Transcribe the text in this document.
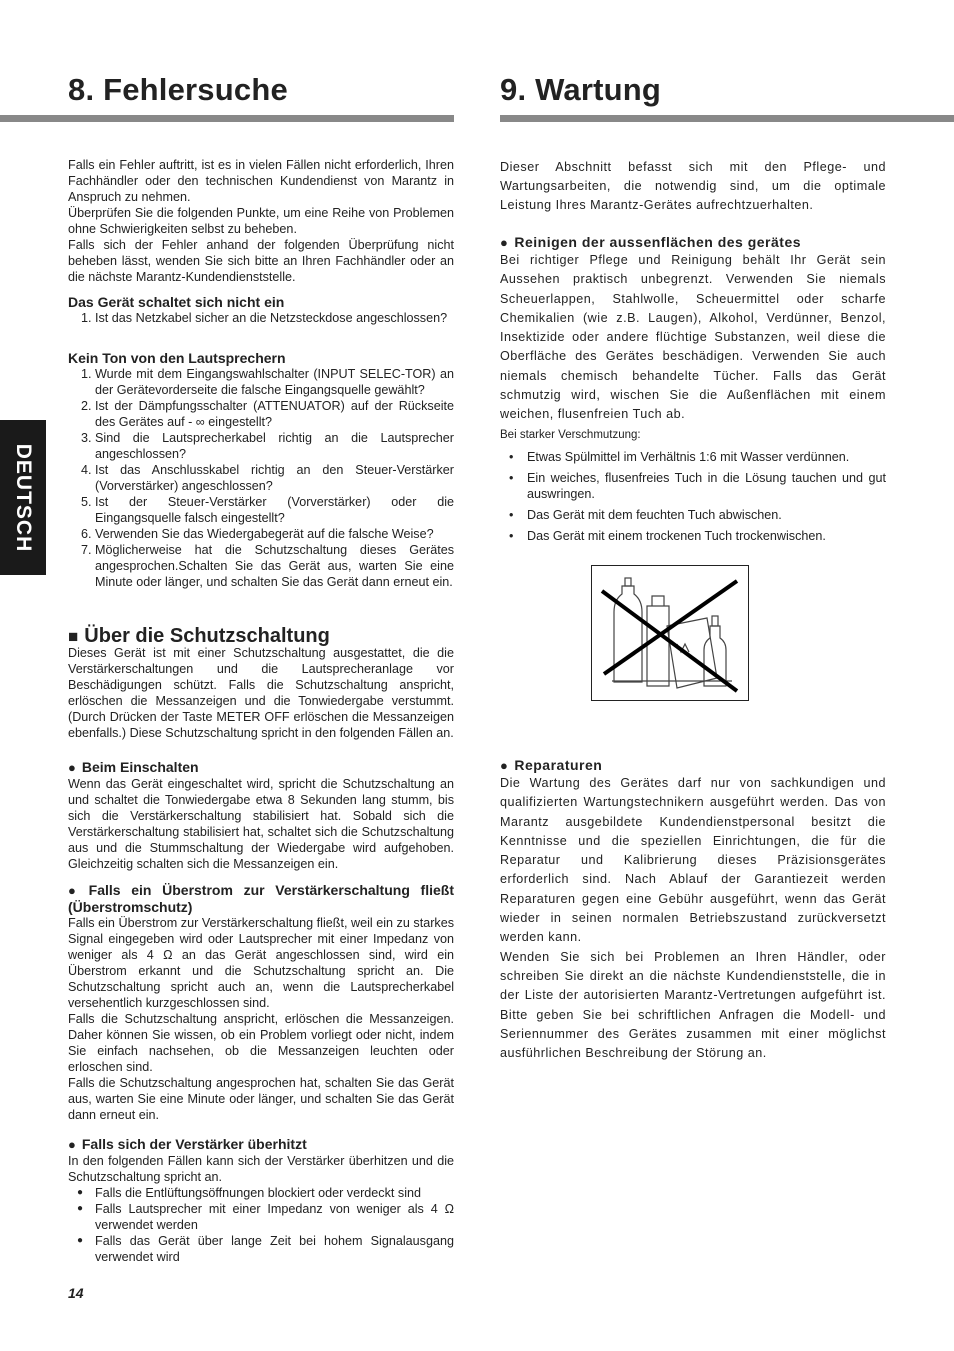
DEUTSCH
8. Fehlersuche

Falls ein Fehler auftritt, ist es in vielen Fällen nicht erforderlich, Ihren Fachhändler oder den technischen Kundendienst von Marantz in Anspruch zu nehmen.

Überprüfen Sie die folgenden Punkte, um eine Reihe von Problemen ohne Schwierigkeiten selbst zu beheben.

Falls sich der Fehler anhand der folgenden Überprüfung nicht beheben lässt, wenden Sie sich bitte an Ihren Fachhändler oder an die nächste Marantz-Kundendienststelle.

Das Gerät schaltet sich nicht ein

1. Ist das Netzkabel sicher an die Netzsteckdose angeschlossen?

Kein Ton von den Lautsprechern

1. Wurde mit dem Eingangswahlschalter (INPUT SELEC-TOR) an der Gerätevorderseite die falsche Eingangsquelle gewählt?
2. Ist der Dämpfungsschalter (ATTENUATOR) auf der Rückseite des Gerätes auf - ∞ eingestellt?
3. Sind die Lautsprecherkabel richtig an die Lautsprecher angeschlossen?
4. Ist das Anschlusskabel richtig an den Steuer-Verstärker (Vorverstärker) angeschlossen?
5. Ist der Steuer-Verstärker (Vorverstärker) oder die Eingangsquelle falsch eingestellt?
6. Verwenden Sie das Wiedergabegerät auf die falsche Weise?
7. Möglicherweise hat die Schutzschaltung dieses Gerätes angesprochen.Schalten Sie das Gerät aus, warten Sie eine Minute oder länger, und schalten Sie das Gerät dann erneut ein.

■ Über die Schutzschaltung

Dieses Gerät ist mit einer Schutzschaltung ausgestattet, die die Verstärkerschaltungen und die Lautsprecheranlage vor Beschädigungen schützt. Falls die Schutzschaltung anspricht, erlöschen die Messanzeigen und die Tonwiedergabe verstummt. (Durch Drücken der Taste METER OFF erlöschen die Messanzeigen ebenfalls.) Diese Schutzschaltung spricht in den folgenden Fällen an.

● Beim Einschalten

Wenn das Gerät eingeschaltet wird, spricht die Schutzschaltung an und schaltet die Tonwiedergabe etwa 8 Sekunden lang stumm, bis sich die Verstärkerschaltung stabilisiert hat. Sobald sich die Verstärkerschaltung stabilisiert hat, schaltet sich die Schutzschaltung aus und die Stummschaltung der Wiedergabe wird aufgehoben. Gleichzeitig schalten sich die Messanzeigen ein.

● Falls ein Überstrom zur Verstärkerschaltung fließt (Überstromschutz)

Falls ein Überstrom zur Verstärkerschaltung fließt, weil ein zu starkes Signal eingegeben wird oder Lautsprecher mit einer Impedanz von weniger als 4 Ω an das Gerät angeschlossen sind, wird ein Überstrom erkannt und die Schutzschaltung spricht an. Die Schutzschaltung spricht auch an, wenn die Lautsprecherkabel versehentlich kurzgeschlossen sind.

Falls die Schutzschaltung anspricht, erlöschen die Messanzeigen. Daher können Sie wissen, ob ein Problem vorliegt oder nicht, indem Sie einfach nachsehen, ob die Messanzeigen leuchten oder erloschen sind.

Falls die Schutzschaltung angesprochen hat, schalten Sie das Gerät aus, warten Sie eine Minute oder länger, und schalten Sie das Gerät dann erneut ein.

● Falls sich der Verstärker überhitzt

In den folgenden Fällen kann sich der Verstärker überhitzen und die Schutzschaltung spricht an.

● Falls die Entlüftungsöffnungen blockiert oder verdeckt sind
● Falls Lautsprecher mit einer Impedanz von weniger als 4 Ω verwendet werden
● Falls das Gerät über lange Zeit bei hohem Signalausgang verwendet wird
14
9. Wartung

Dieser Abschnitt befasst sich mit den Pflege- und Wartungsarbeiten, die notwendig sind, um die optimale Leistung Ihres Marantz-Gerätes aufrechtzuerhalten.

● Reinigen der aussenflächen des gerätes

Bei richtiger Pflege und Reinigung behält Ihr Gerät sein Aussehen praktisch unbegrenzt. Verwenden Sie niemals Scheuerlappen, Stahlwolle, Scheuermittel oder scharfe Chemikalien (wie z.B. Laugen), Alkohol, Verdünner, Benzol, Insektizide oder andere flüchtige Substanzen, weil diese die Oberfläche des Gerätes beschädigen. Verwenden Sie auch niemals chemisch behandelte Tücher. Falls das Gerät schmutzig wird, wischen Sie die Außenflächen mit einem weichen, flusenfreien Tuch ab.

Bei starker Verschmutzung:

• Etwas Spülmittel im Verhältnis 1:6 mit Wasser verdünnen.
• Ein weiches, flusenfreies Tuch in die Lösung tauchen und gut auswringen.
• Das Gerät mit dem feuchten Tuch abwischen.
• Das Gerät mit einem trockenen Tuch trockenwischen.

● Reparaturen

Die Wartung des Gerätes darf nur von sachkundigen und qualifizierten Wartungstechnikern ausgeführt werden. Das von Marantz ausgebildete Kundendienstpersonal besitzt die Kenntnisse und die speziellen Einrichtungen, die für die Reparatur und Kalibrierung dieses Präzisionsgerätes erforderlich sind. Nach Ablauf der Garantiezeit werden Reparaturen gegen eine Gebühr ausgeführt, wenn das Gerät wieder in seinen normalen Betriebszustand zurückversetzt werden kann.

Wenden Sie sich bei Problemen an Ihren Händler, oder schreiben Sie direkt an die nächste Kundendienststelle, die in der Liste der autorisierten Marantz-Vertretungen aufgeführt ist. Bitte geben Sie bei schriftlichen Anfragen die Modell- und Seriennummer des Gerätes zusammen mit einer möglichst ausführlichen Beschreibung der Störung an.
